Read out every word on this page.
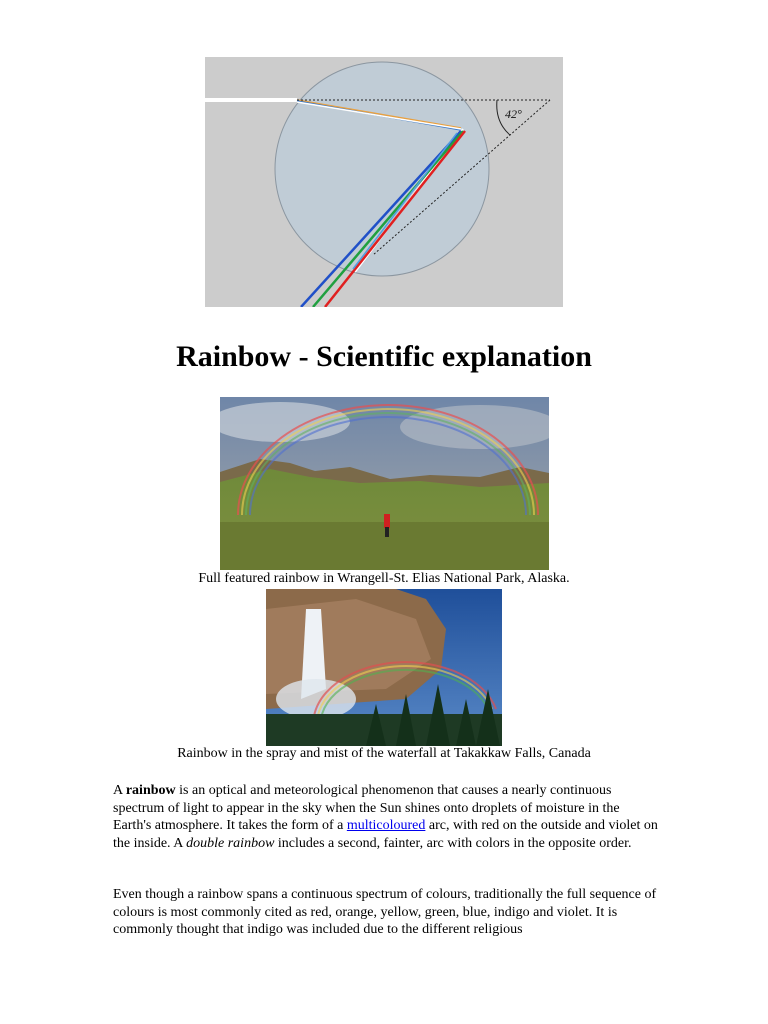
42°
Rainbow - Scientific explanation
Full featured rainbow in Wrangell-St. Elias National Park, Alaska.
Rainbow in the spray and mist of the waterfall at Takakkaw Falls, Canada

A rainbow is an optical and meteorological phenomenon that causes a nearly continuous spectrum of light to appear in the sky when the Sun shines onto droplets of moisture in the Earth's atmosphere. It takes the form of a multicoloured arc, with red on the outside and violet on the inside. A double rainbow includes a second, fainter, arc with colors in the opposite order.

Even though a rainbow spans a continuous spectrum of colours, traditionally the full sequence of colours is most commonly cited as red, orange, yellow, green, blue, indigo and violet. It is commonly thought that indigo was included due to the different religious
